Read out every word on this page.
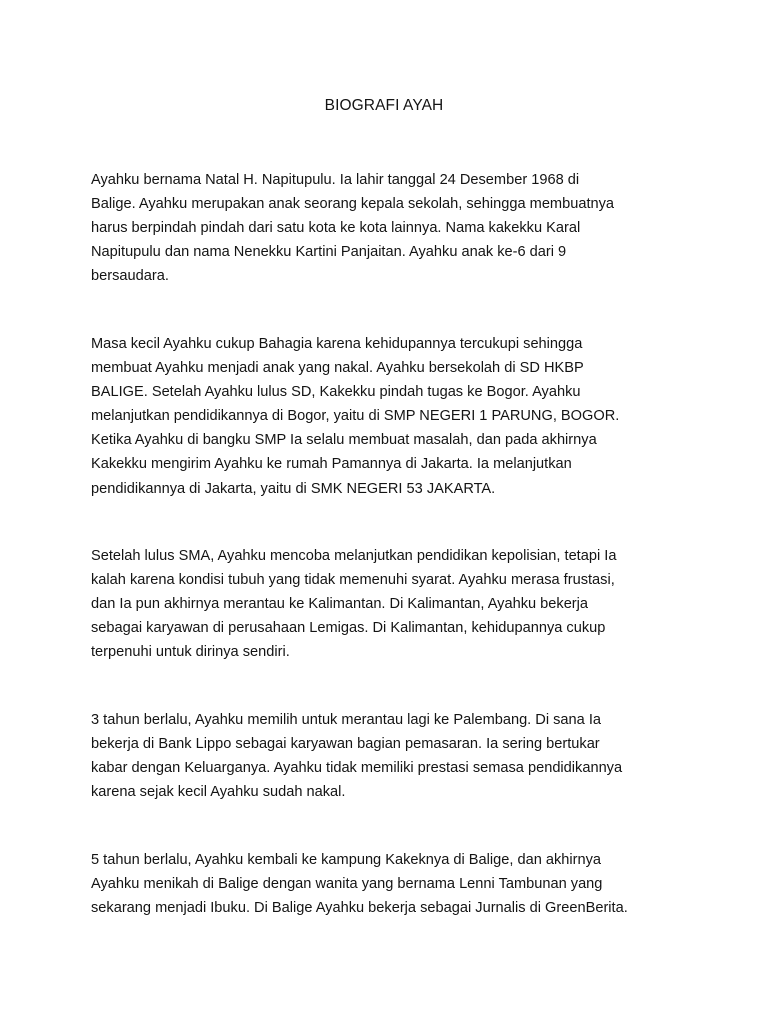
BIOGRAFI AYAH

Ayahku bernama Natal H. Napitupulu. Ia lahir tanggal 24 Desember 1968 di
Balige. Ayahku merupakan anak seorang kepala sekolah, sehingga membuatnya
harus berpindah pindah dari satu kota ke kota lainnya. Nama kakekku Karal
Napitupulu dan nama Nenekku Kartini Panjaitan. Ayahku anak ke-6 dari 9
bersaudara.

Masa kecil Ayahku cukup Bahagia karena kehidupannya tercukupi sehingga
membuat Ayahku menjadi anak yang nakal. Ayahku bersekolah di SD HKBP
BALIGE. Setelah Ayahku lulus SD, Kakekku pindah tugas ke Bogor. Ayahku
melanjutkan pendidikannya di Bogor, yaitu di SMP NEGERI 1 PARUNG, BOGOR.
Ketika Ayahku di bangku SMP Ia selalu membuat masalah, dan pada akhirnya
Kakekku mengirim Ayahku ke rumah Pamannya di Jakarta. Ia melanjutkan
pendidikannya di Jakarta, yaitu di SMK NEGERI 53 JAKARTA.

Setelah lulus SMA, Ayahku mencoba melanjutkan pendidikan kepolisian, tetapi Ia
kalah karena kondisi tubuh yang tidak memenuhi syarat. Ayahku merasa frustasi,
dan Ia pun akhirnya merantau ke Kalimantan. Di Kalimantan, Ayahku bekerja
sebagai karyawan di perusahaan Lemigas. Di Kalimantan, kehidupannya cukup
terpenuhi untuk dirinya sendiri.

3 tahun berlalu, Ayahku memilih untuk merantau lagi ke Palembang. Di sana Ia
bekerja di Bank Lippo sebagai karyawan bagian pemasaran. Ia sering bertukar
kabar dengan Keluarganya. Ayahku tidak memiliki prestasi semasa pendidikannya
karena sejak kecil Ayahku sudah nakal.

5 tahun berlalu, Ayahku kembali ke kampung Kakeknya di Balige, dan akhirnya
Ayahku menikah di Balige dengan wanita yang bernama Lenni Tambunan yang
sekarang menjadi Ibuku. Di Balige Ayahku bekerja sebagai Jurnalis di GreenBerita.
